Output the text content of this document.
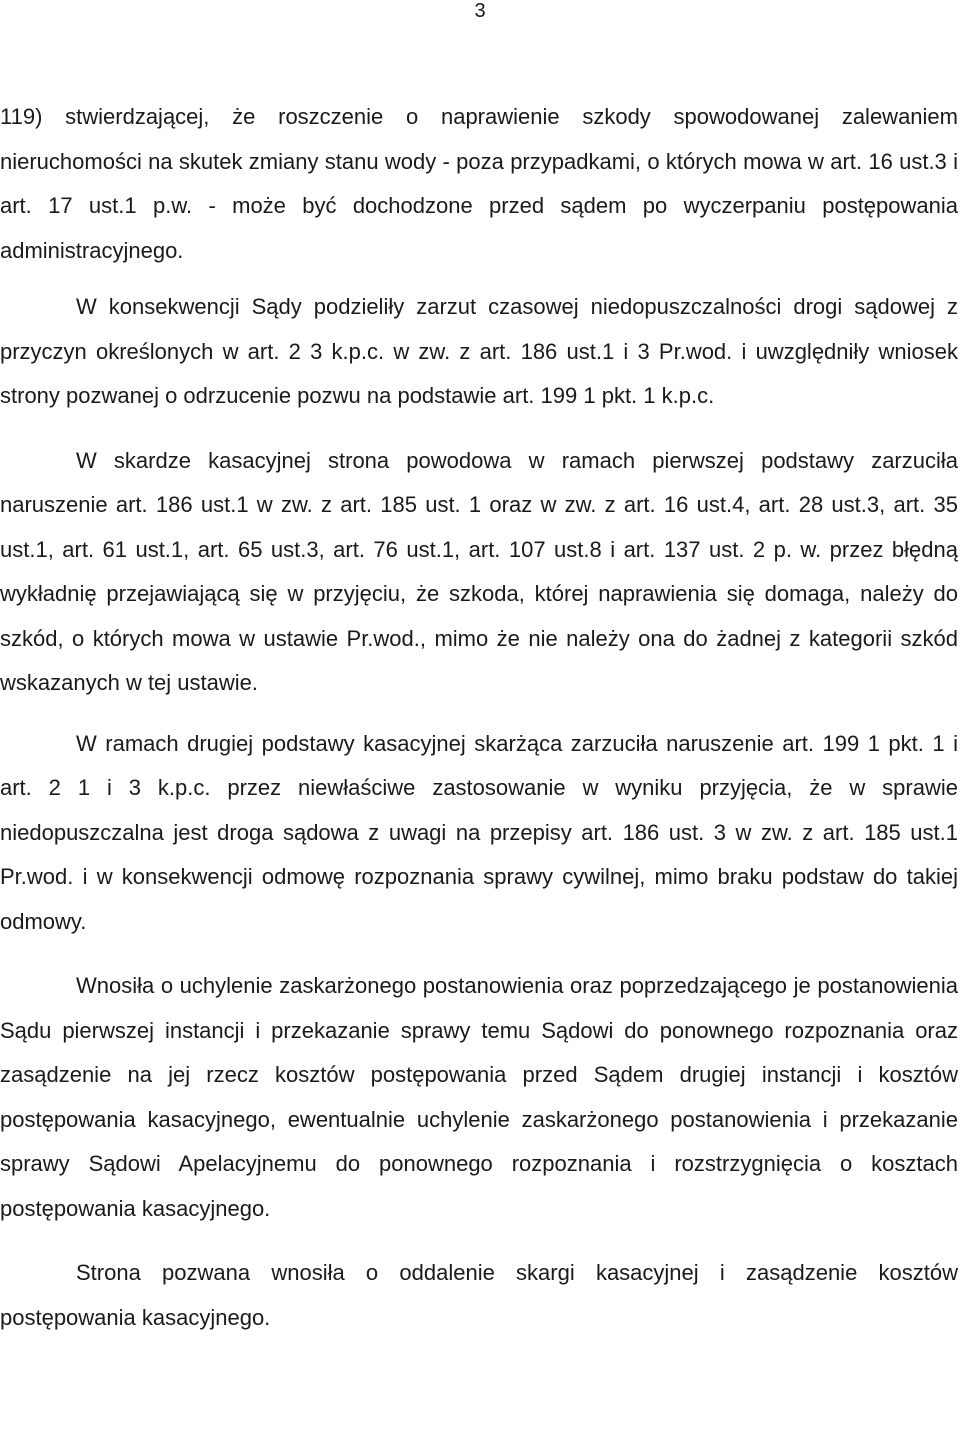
3

119) stwierdzającej, że roszczenie o naprawienie szkody spowodowanej zalewaniem nieruchomości na skutek zmiany stanu wody - poza przypadkami, o których mowa w art. 16 ust.3 i art. 17 ust.1 p.w. - może być dochodzone przed sądem po wyczerpaniu postępowania administracyjnego.

W konsekwencji Sądy podzieliły zarzut czasowej niedopuszczalności drogi sądowej z przyczyn określonych w art. 2 3 k.p.c. w zw. z art. 186 ust.1 i 3 Pr.wod. i uwzględniły wniosek strony pozwanej o odrzucenie pozwu na podstawie art. 199 1 pkt. 1 k.p.c.

W skardze kasacyjnej strona powodowa w ramach pierwszej podstawy zarzuciła naruszenie art. 186 ust.1 w zw. z art. 185 ust. 1 oraz w zw. z art. 16 ust.4, art. 28 ust.3, art. 35 ust.1, art. 61 ust.1, art. 65 ust.3, art. 76 ust.1, art. 107 ust.8 i art. 137 ust. 2 p. w. przez błędną wykładnię przejawiającą się w przyjęciu, że szkoda, której naprawienia się domaga, należy do szkód, o których mowa w ustawie Pr.wod., mimo że nie należy ona do żadnej z kategorii szkód wskazanych w tej ustawie.

W ramach drugiej podstawy kasacyjnej skarżąca zarzuciła naruszenie art. 199 1 pkt. 1 i art. 2 1 i 3 k.p.c. przez niewłaściwe zastosowanie w wyniku przyjęcia, że w sprawie niedopuszczalna jest droga sądowa z uwagi na przepisy art. 186 ust. 3 w zw. z art. 185 ust.1 Pr.wod. i w konsekwencji odmowę rozpoznania sprawy cywilnej, mimo braku podstaw do takiej odmowy.

Wnosiła o uchylenie zaskarżonego postanowienia oraz poprzedzającego je postanowienia Sądu pierwszej instancji i przekazanie sprawy temu Sądowi do ponownego rozpoznania oraz zasądzenie na jej rzecz kosztów postępowania przed Sądem drugiej instancji i kosztów postępowania kasacyjnego, ewentualnie uchylenie zaskarżonego postanowienia i przekazanie sprawy Sądowi Apelacyjnemu do ponownego rozpoznania i rozstrzygnięcia o kosztach postępowania kasacyjnego.

Strona pozwana wnosiła o oddalenie skargi kasacyjnej i zasądzenie kosztów postępowania kasacyjnego.
